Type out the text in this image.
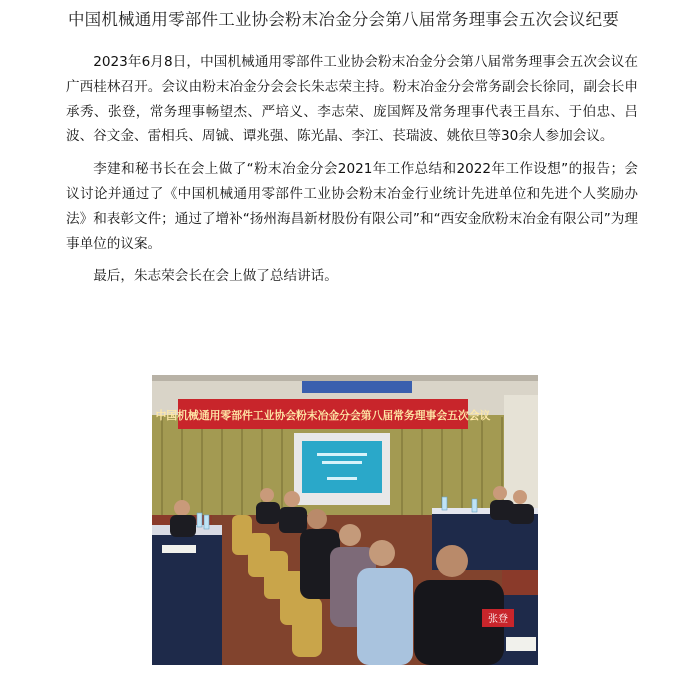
中国机械通用零部件工业协会粉末冶金分会第八届常务理事会五次会议纪要

2023年6月8日，中国机械通用零部件工业协会粉末冶金分会第八届常务理事会五次会议在广西桂林召开。会议由粉末冶金分会会长朱志荣主持。粉末冶金分会常务副会长徐同，副会长申承秀、张登，常务理事畅望杰、严培义、李志荣、庞国辉及常务理事代表王昌东、于伯忠、吕波、谷文金、雷相兵、周铖、谭兆强、陈光晶、李江、苌瑞波、姚依旦等30余人参加会议。

李建和秘书长在会上做了“粉末冶金分会2021年工作总结和2022年工作设想”的报告；会议讨论并通过了《中国机械通用零部件工业协会粉末冶金行业统计先进单位和先进个人奖励办法》和表彰文件；通过了增补“扬州海昌新材股份有限公司”和“西安金欣粉末冶金有限公司”为理事单位的议案。

最后，朱志荣会长在会上做了总结讲话。

中国机械通用零部件工业协会粉末冶金分会第八届常务理事会五次会议
张登
